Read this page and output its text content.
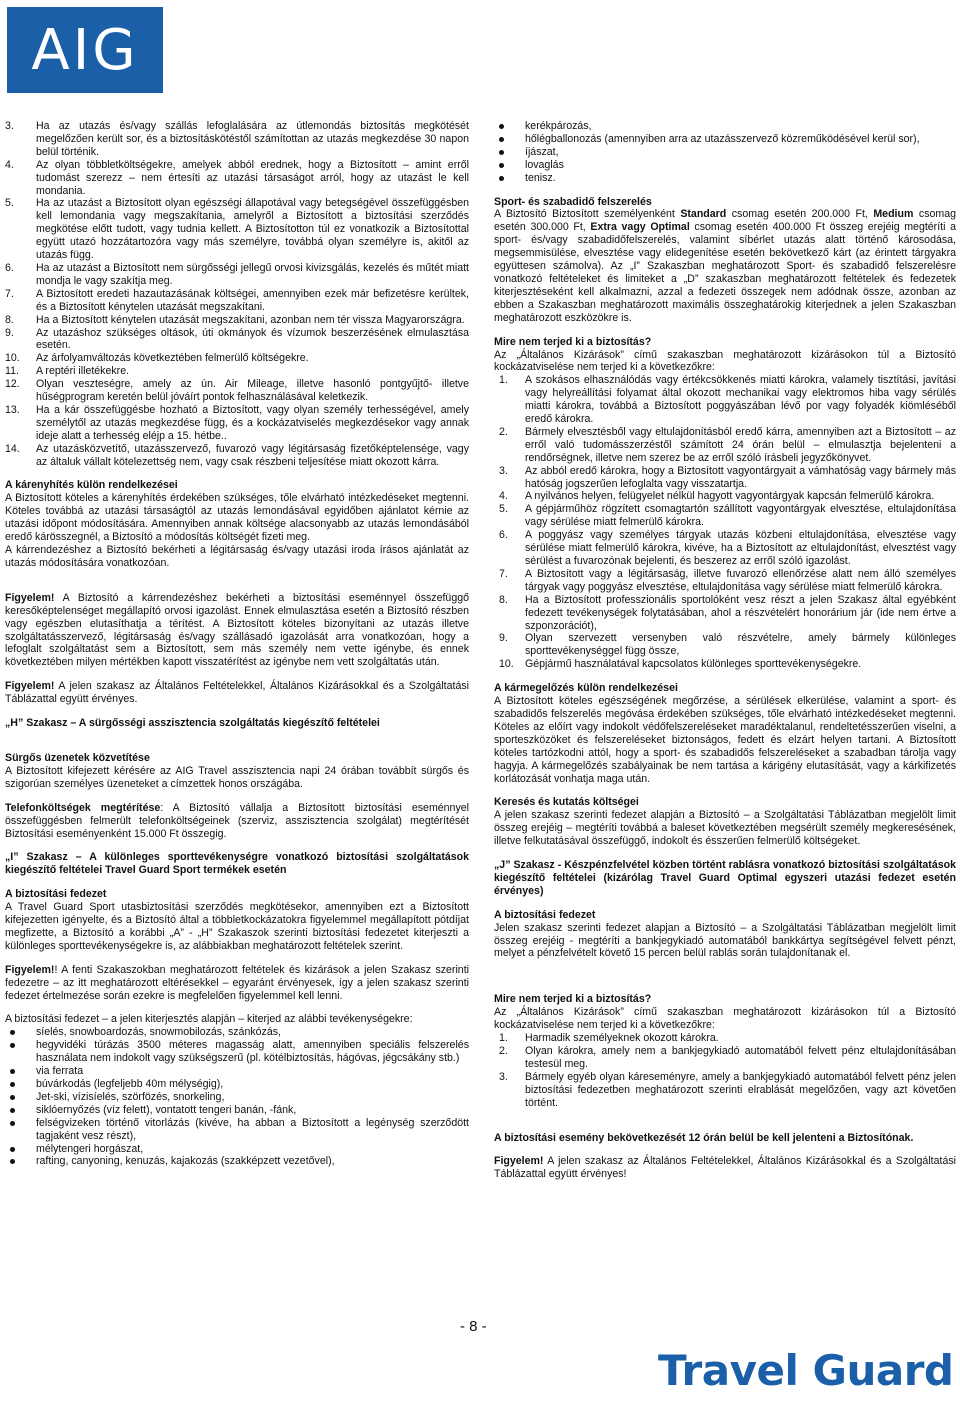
AIG
3. Ha az utazás és/vagy szállás lefoglalására az útlemondás biztosítás megkötését megelőzően került sor, és a biztosításkötéstől számítottan az utazás megkezdése 30 napon belül történik.
4. Az olyan többletköltségekre, amelyek abból erednek, hogy a Biztosított – amint erről tudomást szerezz – nem értesíti az utazási társaságot arról, hogy az utazást le kell mondania.
5. Ha az utazást a Biztosított olyan egészségi állapotával vagy betegségével összefüggésben kell lemondania vagy megszakítania, amelyről a Biztosított a biztosítási szerződés megkötése előtt tudott, vagy tudnia kellett. A Biztosítotton túl ez vonatkozik a Biztosítottal együtt utazó hozzátartozóra vagy más személyre, továbbá olyan személyre is, akitől az utazás függ.
6. Ha az utazást a Biztosított nem sürgősségi jellegű orvosi kivizsgálás, kezelés és műtét miatt mondja le vagy szakítja meg.
7. A Biztosított eredeti hazautazásának költségei, amennyiben ezek már befizetésre kerültek, és a Biztosított kénytelen utazását megszakítani.
8. Ha a Biztosított kénytelen utazását megszakítani, azonban nem tér vissza Magyarországra.
9. Az utazáshoz szükséges oltások, úti okmányok és vízumok beszerzésének elmulasztása esetén.
10. Az árfolyamváltozás következtében felmerülő költségekre.
11. A reptéri illetékekre.
12. Olyan veszteségre, amely az ún. Air Mileage, illetve hasonló pontgyűjtő- illetve hűségprogram keretén belül jóváírt pontok felhasználásával keletkezik.
13. Ha a kár összefüggésbe hozható a Biztosított, vagy olyan személy terhességével, amely személytől az utazás megkezdése függ, és a kockázatviselés megkezdésekor vagy annak ideje alatt a terhesség eléjp a 15. hétbe..
14. Az utazásközvetítő, utazásszervező, fuvarozó vagy légitársaság fizetőképtelensége, vagy az általuk vállalt kötelezettség nem, vagy csak részbeni teljesítése miatt okozott kárra.

A kárenyhítés külön rendelkezései

A Biztosított köteles a kárenyhítés érdekében szükséges, tőle elvárható intézkedéseket megtenni. Köteles továbbá az utazási társaságtól az utazás lemondásával egyidőben ajánlatot kérnie az utazási időpont módosítására. Amennyiben annak költsége alacsonyabb az utazás lemondásából eredő kárösszegnél, a Biztosító a módosítás költségét fizeti meg.

A kárrendezéshez a Biztosító bekérheti a légitársaság és/vagy utazási iroda írásos ajánlatát az utazás módosítására vonatkozóan.

Figyelem! A Biztosító a kárrendezéshez bekérheti a biztosítási eseménnyel összefüggő keresőképtelenséget megállapító orvosi igazolást. Ennek elmulasztása esetén a Biztosító részben vagy egészben elutasíthatja a térítést. A Biztosított köteles bizonyítani az utazás illetve szolgáltatásszervező, légitársaság és/vagy szállásadó igazolását arra vonatkozóan, hogy a lefoglalt szolgáltatást sem a Biztosított, sem más személy nem vette igénybe, és ennek következtében milyen mértékben kapott visszatérítést az igénybe nem vett szolgáltatás után.

Figyelem! A jelen szakasz az Általános Feltételekkel, Általános Kizárásokkal és a Szolgáltatási Táblázattal együtt érvényes.

„H” Szakasz – A sürgősségi asszisztencia szolgáltatás kiegészítő feltételei

Sürgős üzenetek közvetítése

A Biztosított kifejezett kérésére az AIG Travel asszisztencia napi 24 órában továbbít sürgős és szigorúan személyes üzeneteket a címzettek honos országába.

Telefonköltségek megtérítése: A Biztosító vállalja a Biztosított biztosítási eseménnyel összefüggésben felmerült telefonköltségeinek (szerviz, asszisztencia szolgálat) megtérítését Biztosítási eseményenként 15.000 Ft összegig.

„I” Szakasz – A különleges sporttevékenységre vonatkozó biztosítási szolgáltatások kiegészítő feltételei Travel Guard Sport termékek esetén

A biztosítási fedezet

A Travel Guard Sport utasbiztosítási szerződés megkötésekor, amennyiben ezt a Biztosított kifejezetten igényelte, és a Biztosító által a többletkockázatokra figyelemmel megállapított pótdíjat megfizette, a Biztosító a korábbi „A” - „H” Szakaszok szerinti biztosítási fedezetet kiterjeszti a különleges sporttevékenységekre is, az alábbiakban meghatározott feltételek szerint.

Figyelem!! A fenti Szakaszokban meghatározott feltételek és kizárások a jelen Szakasz szerinti fedezetre – az itt meghatározott eltérésekkel – egyaránt érvényesek, így a jelen szakasz szerinti fedezet értelmezése során ezekre is megfelelően figyelemmel kell lenni.

A biztosítási fedezet – a jelen kiterjesztés alapján – kiterjed az alábbi tevékenységekre:

síelés, snowboardozás, snowmobilozás, szánkózás,
hegyvidéki túrázás 3500 méteres magasság alatt, amennyiben speciális felszerelés használata nem indokolt vagy szükségszerű (pl. kötélbiztosítás, hágóvas, jégcsákány stb.)
via ferrata
búvárkodás (legfeljebb 40m mélységig),
Jet-ski, vízisíelés, szörfözés, snorkeling,
siklóernyőzés (víz felett), vontatott tengeri banán, -fánk,
felségvizeken történő vitorlázás (kivéve, ha abban a Biztosított a legénység szerződött tagjaként vesz részt),
mélytengeri horgászat,
rafting, canyoning, kenuzás, kajakozás (szakképzett vezetővel),
kerékpározás,
hőlégballonozás (amennyiben arra az utazásszervező közreműködésével kerül sor),
íjászat,
lovaglás
tenisz.

Sport- és szabadidő felszerelés

A Biztosító Biztosított személyenként Standard csomag esetén 200.000 Ft, Medium csomag esetén 300.000 Ft, Extra vagy Optimal csomag esetén 400.000 Ft összeg erejéig megtéríti a sport- és/vagy szabadidőfelszerelés, valamint síbérlet utazás alatt történő károsodása, megsemmisülése, elvesztése vagy elidegenítése esetén bekövetkező kárt (az érintett tárgyakra együttesen számolva). Az „I” Szakaszban meghatározott Sport- és szabadidő felszerelésre vonatkozó feltételeket és limiteket a „D” szakaszban meghatározott feltételek és fedezetek kiterjesztéseként kell alkalmazni, azzal a fedezeti összegek nem adódnak össze, azonban az ebben a Szakaszban meghatározott maximális összeghatárokig kiterjednek a jelen Szakaszban meghatározott eszközökre is.

Mire nem terjed ki a biztosítás?

Az „Általános Kizárások” című szakaszban meghatározott kizárásokon túl a Biztosító kockázatviselése nem terjed ki a következőkre:

1. A szokásos elhasználódás vagy értékcsökkenés miatti károkra, valamely tisztítási, javítási vagy helyreállítási folyamat által okozott mechanikai vagy elektromos hiba vagy sérülés miatti károkra, továbbá a Biztosított poggyászában lévő por vagy folyadék kiömléséből eredő károkra.
2. Bármely elvesztésből vagy eltulajdonításból eredő kárra, amennyiben azt a Biztosított – az erről való tudomásszerzéstől számított 24 órán belül – elmulasztja bejelenteni a rendőrségnek, illetve nem szerez be az erről szóló írásbeli jegyzőkönyvet.
3. Az abból eredő károkra, hogy a Biztosított vagyontárgyait a vámhatóság vagy bármely más hatóság jogszerűen lefoglalta vagy visszatartja.
4. A nyilvános helyen, felügyelet nélkül hagyott vagyontárgyak kapcsán felmerülő károkra.
5. A gépjárműhöz rögzített csomagtartón szállított vagyontárgyak elvesztése, eltulajdonítása vagy sérülése miatt felmerülő károkra.
6. A poggyász vagy személyes tárgyak utazás közbeni eltulajdonítása, elvesztése vagy sérülése miatt felmerülő károkra, kivéve, ha a Biztosított az eltulajdonítást, elvesztést vagy sérülést a fuvarozónak bejelenti, és beszerez az erről szóló igazolást.
7. A Biztosított vagy a légitársaság, illetve fuvarozó ellenőrzése alatt nem álló személyes tárgyak vagy poggyász elvesztése, eltulajdonítása vagy sérülése miatt felmerülő károkra.
8. Ha a Biztosított professzionális sportolóként vesz részt a jelen Szakasz által egyébként fedezett tevékenységek folytatásában, ahol a részvételért honorárium jár (ide nem értve a szponzorációt),
9. Olyan szervezett versenyben való részvételre, amely bármely különleges sporttevékenységgel függ össze,
10. Gépjármű használatával kapcsolatos különleges sporttevékenységekre.

A kármegelőzés külön rendelkezései

A Biztosított köteles egészségének megőrzése, a sérülések elkerülése, valamint a sport- és szabadidős felszerelés megóvása érdekében szükséges, tőle elvárható intézkedéseket megtenni. Köteles az előírt vagy indokolt védőfelszereléseket maradéktalanul, rendeltetésszerűen viselni, a sporteszközöket és felszereléseket biztonságos, fedett és elzárt helyen tartani. A Biztosított köteles tartózkodni attól, hogy a sport- és szabadidős felszereléseket a szabadban tárolja vagy hagyja. A kármegelőzés szabályainak be nem tartása a kárigény elutasítását, vagy a kárkifizetés korlátozását vonhatja maga után.

Keresés és kutatás költségei

A jelen szakasz szerinti fedezet alapján a Biztosító – a Szolgáltatási Táblázatban megjelölt limit összeg erejéig – megtéríti továbbá a baleset következtében megsérült személy megkeresésének, illetve felkutatásával összefüggő, indokolt és ésszerűen felmerülő költségeket.

„J” Szakasz - Készpénzfelvétel közben történt rablásra vonatkozó biztosítási szolgáltatások kiegészítő feltételei (kizárólag Travel Guard Optimal egyszeri utazási fedezet esetén érvényes)

A biztosítási fedezet

Jelen szakasz szerinti fedezet alapjan a Biztosító – a Szolgáltatási Táblázatban megjelölt limit összeg erejéig - megtéríti a bankjegykiadó automatából bankkártya segítségével felvett pénzt, melyet a pénzfelvételt követő 15 percen belül rablás során tulajdonítanak el.

Mire nem terjed ki a biztosítás?

Az „Általános Kizárások” című szakaszban meghatározott kizárásokon túl a Biztosító kockázatviselése nem terjed ki a következőkre:

1. Harmadik személyeknek okozott károkra.
2. Olyan károkra, amely nem a bankjegykiadó automatából felvett pénz eltulajdonításában testesül meg.
3. Bármely egyéb olyan káreseményre, amely a bankjegykiadó automatából felvett pénz jelen biztosítási fedezetben meghatározott szerinti elrablását megelőzően, vagy azt követően történt.

A biztosítási esemény bekövetkezését 12 órán belül be kell jelenteni a Biztosítónak.

Figyelem! A jelen szakasz az Általános Feltételekkel, Általános Kizárásokkal és a Szolgáltatási Táblázattal együtt érvényes!

- 8 -
Travel Guard
